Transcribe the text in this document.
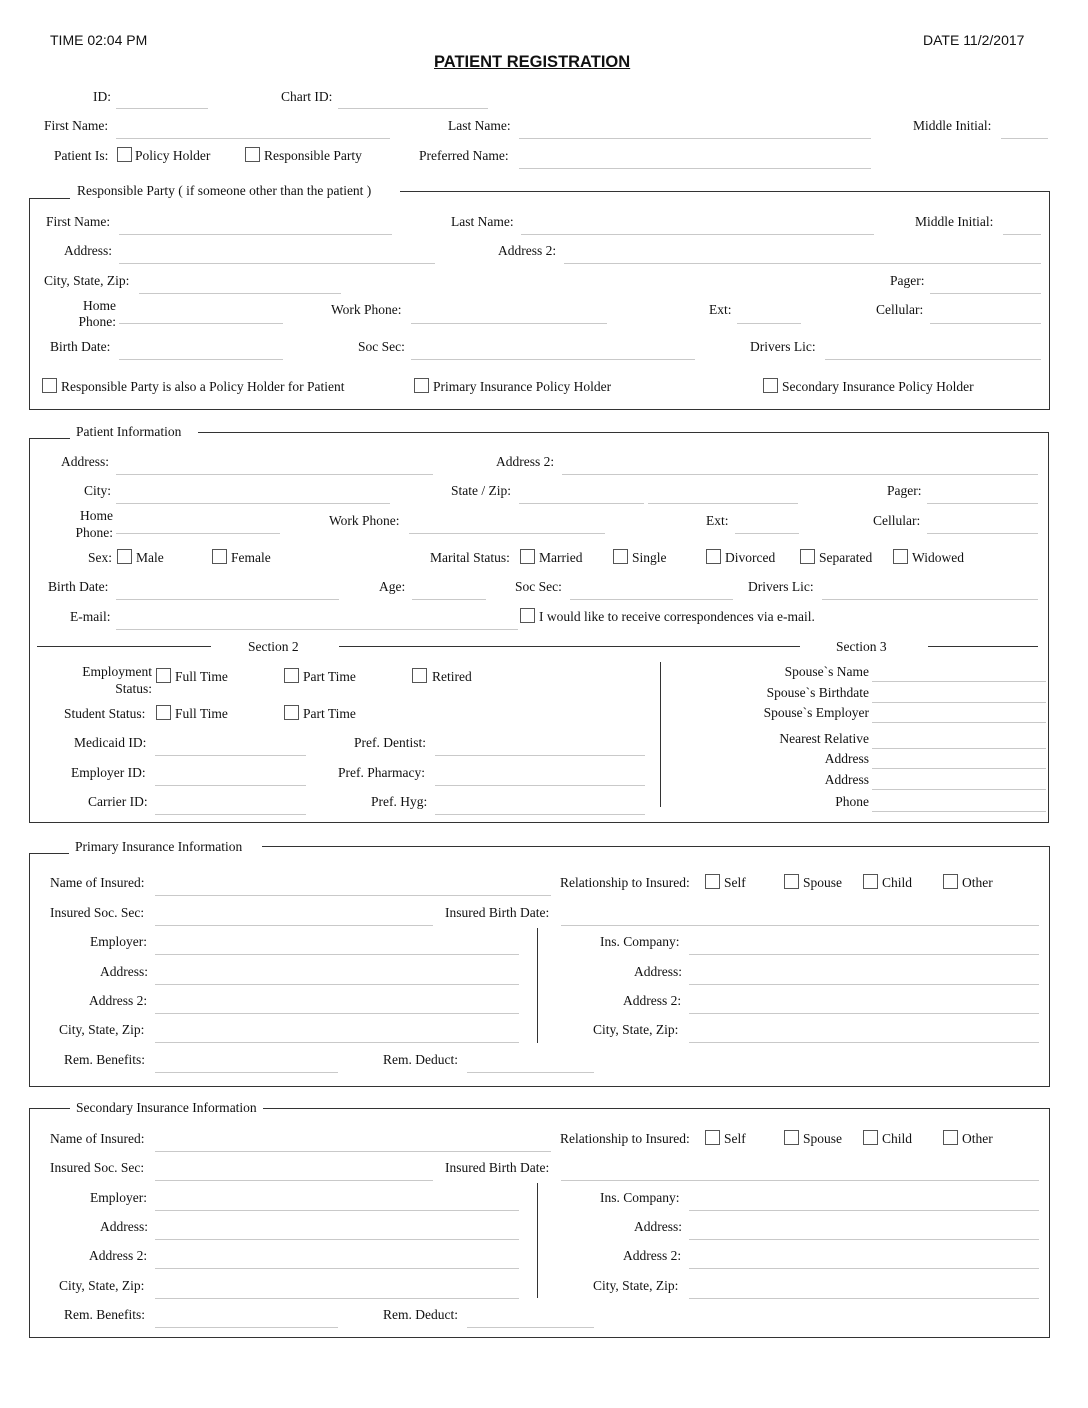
TIME 02:04 PM	DATE 11/2/2017
PATIENT REGISTRATION
ID:	Chart ID:
First Name:	Last Name:	Middle Initial:
Patient Is: Policy Holder	Responsible Party	Preferred Name:
Responsible Party ( if someone other than the patient )
First Name:	Last Name:	Middle Initial:
Address:	Address 2:
City, State, Zip:	Pager:
Home
Phone:
Work Phone:	Ext:	Cellular:
Birth Date:	Soc Sec:	Drivers Lic:
Responsible Party is also a Policy Holder for Patient	Primary Insurance Policy Holder	Secondary Insurance Policy Holder
Patient Information
Address:	Address 2:
City:	State / Zip:	Pager:
Home
Phone:
Work Phone:	Ext:	Cellular:
Sex: Male	Female	Marital Status: Married	Single	Divorced	Separated	Widowed
Birth Date:	Age:	Soc Sec:	Drivers Lic:
E-mail:	I would like to receive correspondences via e-mail.
Section 2	Section 3
Employment
Status:
Full Time	Part Time	Retired
Student Status: Full Time	Part Time
Medicaid ID:	Pref. Dentist:
Employer ID:	Pref. Pharmacy:
Carrier ID:	Pref. Hyg:
Spouse`s Name
Spouse`s Birthdate
Spouse`s Employer
Nearest Relative
Address
Address
Phone
Primary Insurance Information
Name of Insured:	Relationship to Insured:	Self	Spouse	Child	Other
Insured Soc. Sec:	Insured Birth Date:
Employer:	Ins. Company:
Address:	Address:
Address 2:	Address 2:
City, State, Zip:	City, State, Zip:
Rem. Benefits:	Rem. Deduct:
Secondary Insurance Information
Name of Insured:	Relationship to Insured:	Self	Spouse	Child	Other
Insured Soc. Sec:	Insured Birth Date:
Employer:	Ins. Company:
Address:	Address:
Address 2:	Address 2:
City, State, Zip:	City, State, Zip:
Rem. Benefits:	Rem. Deduct:
